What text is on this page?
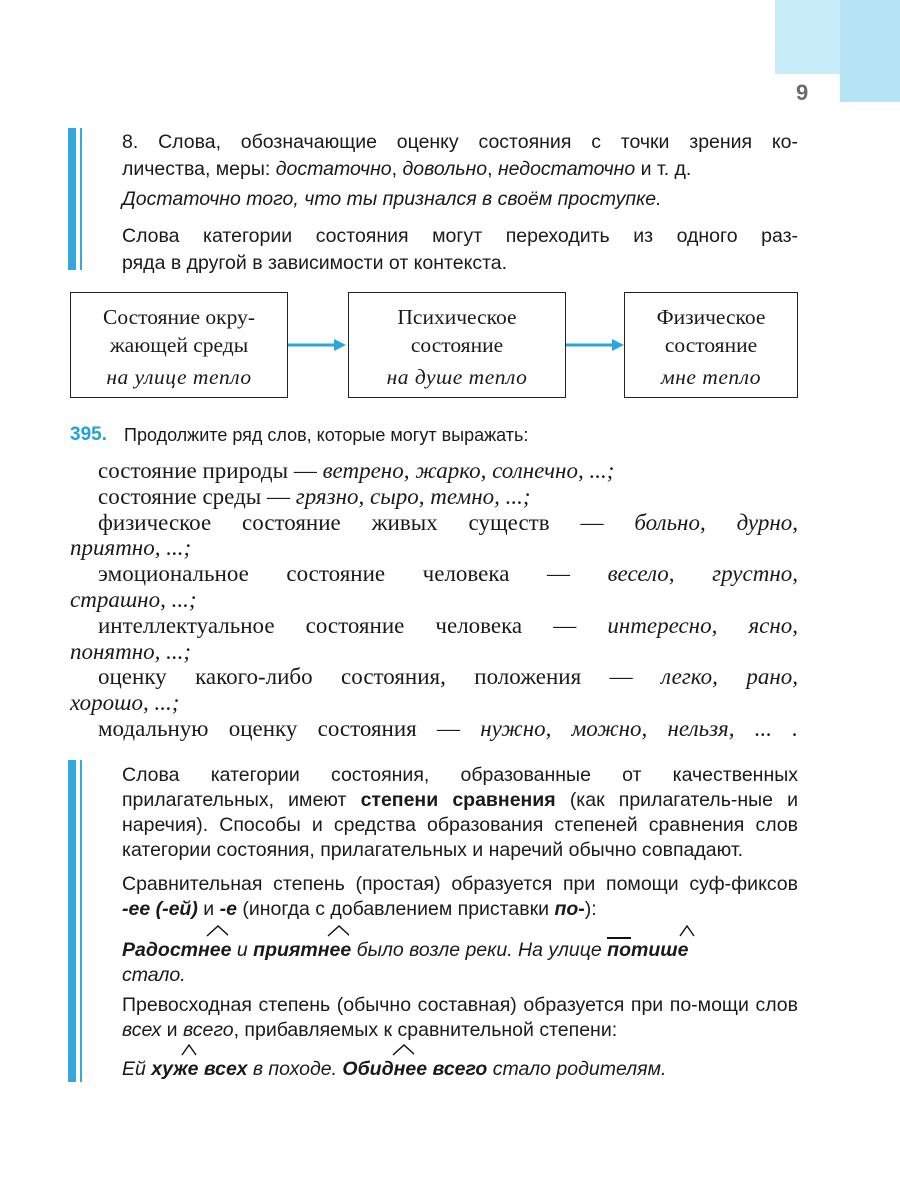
9

8. Слова, обозначающие оценку состояния с точки зрения ко-

личества, меры: достаточно, довольно, недостаточно и т. д.

Достаточно того, что ты признался в своём проступке.

Слова категории состояния могут переходить из одного раз-

ряда в другой в зависимости от контекста.

Состояние окру-
жающей среды
на улице тепло
Психическое
состояние
на душе тепло
Физическое
состояние
мне тепло
395. Продолжите ряд слов, которые могут выражать:
состояние природы — ветрено, жарко, солнечно, ...;
состояние среды — грязно, сыро, темно, ...;
физическое состояние живых существ — больно, дурно,
приятно, ...;
эмоциональное состояние человека — весело, грустно,
страшно, ...;
интеллектуальное состояние человека — интересно, ясно,
понятно, ...;
оценку какого-либо состояния, положения — легко, рано,
хорошо, ...;
модальную оценку состояния — нужно, можно, нельзя, ... .

Слова категории состояния, образованные от качественных прилагательных, имеют степени сравнения (как прилагатель-ные и наречия). Способы и средства образования степеней сравнения слов категории состояния, прилагательных и наречий обычно совпадают.

Сравнительная степень (простая) образуется при помощи суф-фиксов -ее (-ей) и -е (иногда с добавлением приставки по-):

Радостнее
и приятнее
было возле реки. На улице потише

стало.

Превосходная степень (обычно составная) образуется при по-мощи слов всех и всего, прибавляемых к сравнительной степени:

Ей хуже
всех в походе. Обиднее
всего стало родителям.
